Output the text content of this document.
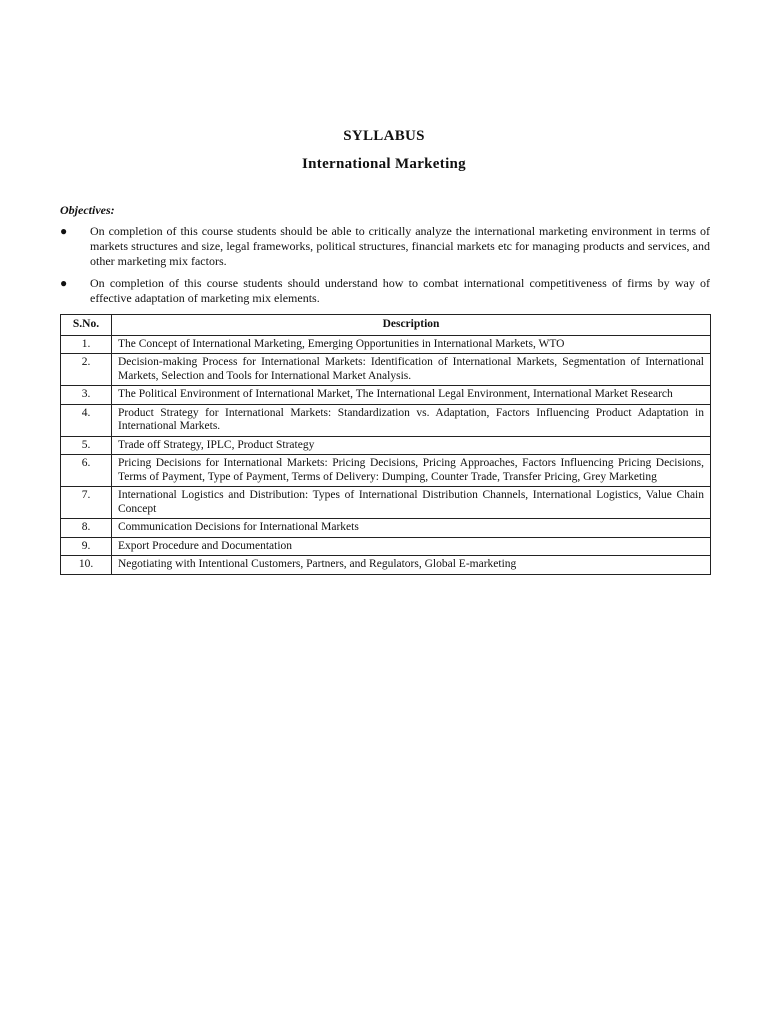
SYLLABUS
International Marketing
Objectives:
● On completion of this course students should be able to critically analyze the international marketing environment in terms of markets structures and size, legal frameworks, political structures, financial markets etc for managing products and services, and other marketing mix factors.
● On completion of this course students should understand how to combat international competitiveness of firms by way of effective adaptation of marketing mix elements.
S.No.	Description
1.	The Concept of International Marketing, Emerging Opportunities in International Markets, WTO
2.	Decision-making Process for International Markets: Identification of International Markets, Segmentation of International Markets, Selection and Tools for International Market Analysis.
3.	The Political Environment of International Market, The International Legal Environment, International Market Research
4.	Product Strategy for International Markets: Standardization vs. Adaptation, Factors Influencing Product Adaptation in International Markets.
5.	Trade off Strategy, IPLC, Product Strategy
6.	Pricing Decisions for International Markets: Pricing Decisions, Pricing Approaches, Factors Influencing Pricing Decisions, Terms of Payment, Type of Payment, Terms of Delivery: Dumping, Counter Trade, Transfer Pricing, Grey Marketing
7.	International Logistics and Distribution: Types of International Distribution Channels, International Logistics, Value Chain Concept
8.	Communication Decisions for International Markets
9.	Export Procedure and Documentation
10.	Negotiating with Intentional Customers, Partners, and Regulators, Global E-marketing
